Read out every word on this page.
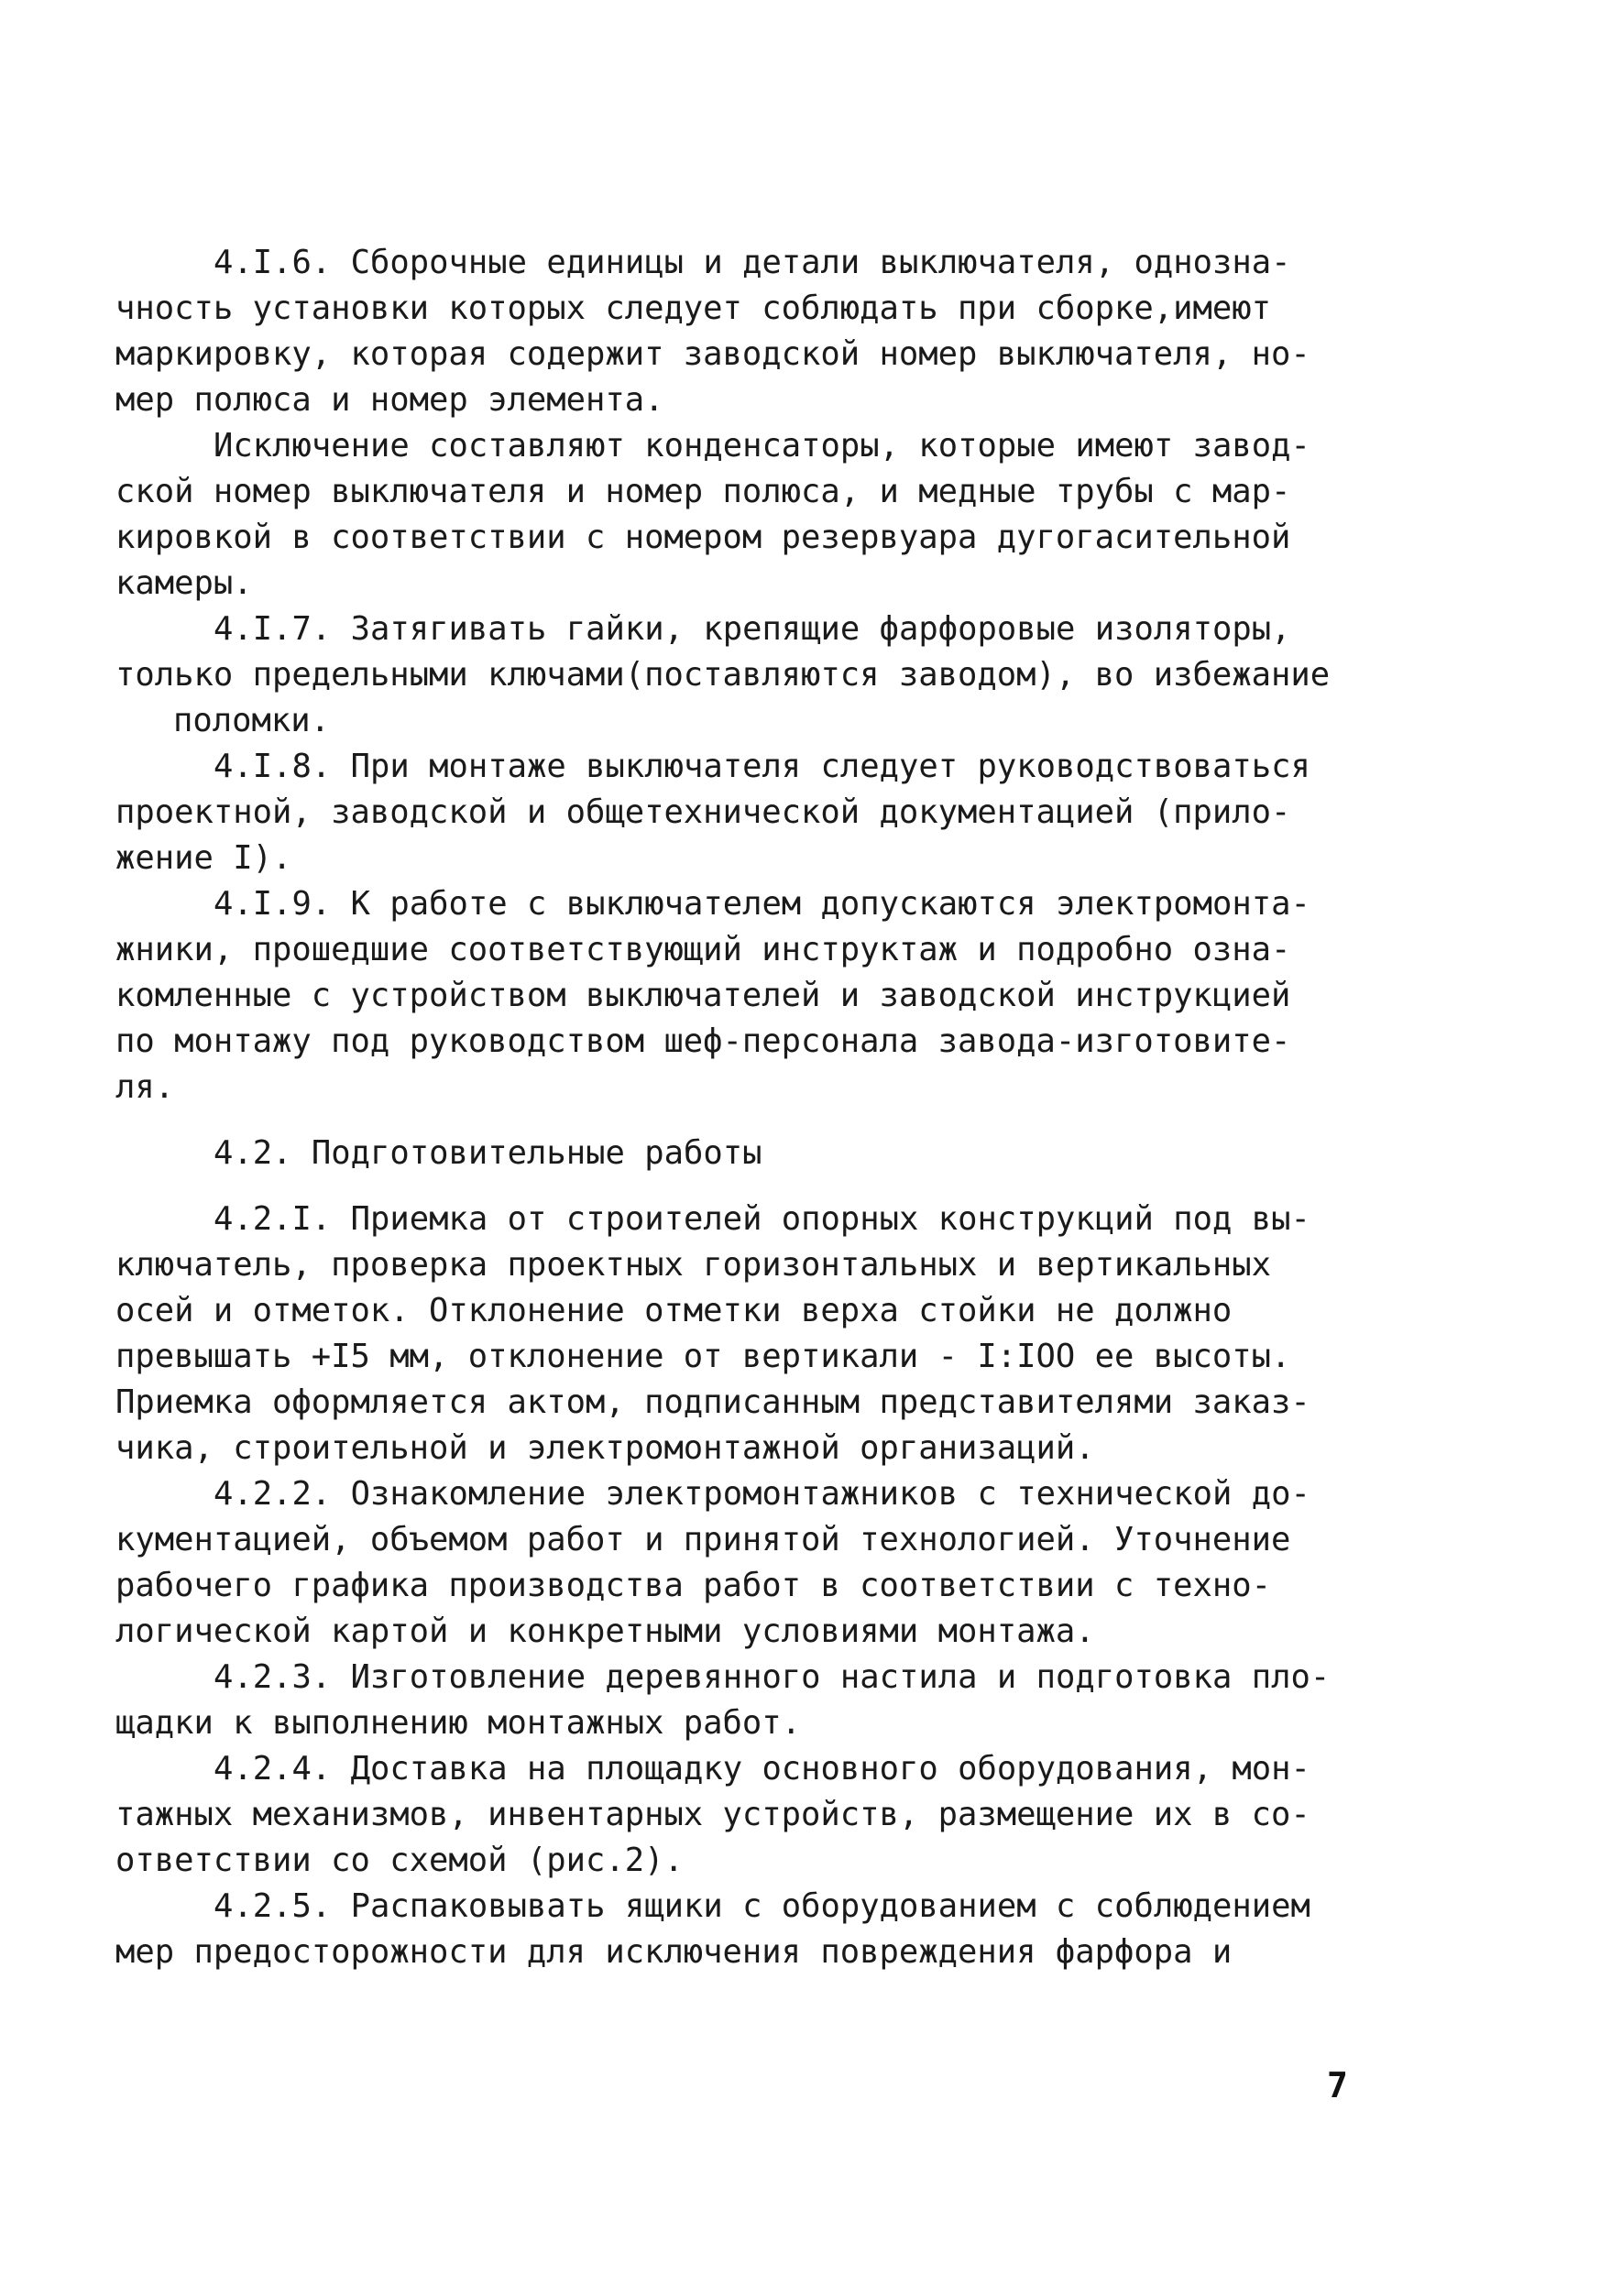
4.I.6. Сборочные единицы и детали выключателя, однозна-
чность установки которых следует соблюдать при сборке,имеют
маркировку, которая содержит заводской номер выключателя, но-
мер полюса и номер элемента.
Исключение составляют конденсаторы, которые имеют завод-
ской номер выключателя и номер полюса, и медные трубы с мар-
кировкой в соответствии с номером резервуара дугогасительной
камеры.
4.I.7. Затягивать гайки, крепящие фарфоровые изоляторы,
только предельными ключами(поставляются заводом), во избежание
поломки.
4.I.8. При монтаже выключателя следует руководствоваться
проектной, заводской и общетехнической документацией (прило-
жение I).
4.I.9. К работе с выключателем допускаются электромонта-
жники, прошедшие соответствующий инструктаж и подробно озна-
комленные с устройством выключателей и заводской инструкцией
по монтажу под руководством шеф-персонала завода-изготовите-
ля.
4.2. Подготовительные работы
4.2.I. Приемка от строителей опорных конструкций под вы-
ключатель, проверка проектных горизонтальных и вертикальных
осей и отметок. Отклонение отметки верха стойки не должно
превышать +I5 мм, отклонение от вертикали - I:IОО ее высоты.
Приемка оформляется актом, подписанным представителями заказ-
чика, строительной и электромонтажной организаций.
4.2.2. Ознакомление электромонтажников с технической до-
кументацией, объемом работ и принятой технологией. Уточнение
рабочего графика производства работ в соответствии с техно-
логической картой и конкретными условиями монтажа.
4.2.3. Изготовление деревянного настила и подготовка пло-
щадки к выполнению монтажных работ.
4.2.4. Доставка на площадку основного оборудования, мон-
тажных механизмов, инвентарных устройств, размещение их в со-
ответствии со схемой (рис.2).
4.2.5. Распаковывать ящики с оборудованием с соблюдением
мер предосторожности для исключения повреждения фарфора и
7
